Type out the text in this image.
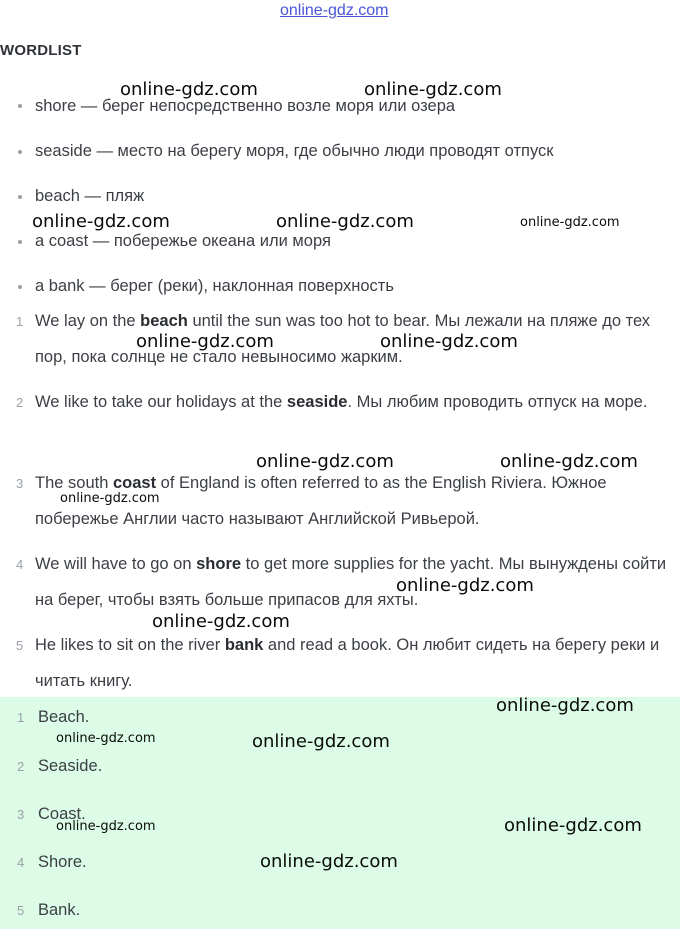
online-gdz.com
WORDLIST
shore — берег непосредственно возле моря или озера
seaside — место на берегу моря, где обычно люди проводят отпуск
beach — пляж
a coast — побережье океана или моря
a bank — берег (реки), наклонная поверхность
1 We lay on the beach until the sun was too hot to bear. Мы лежали на пляже до тех пор, пока солнце не стало невыносимо жарким.
2 We like to take our holidays at the seaside. Мы любим проводить отпуск на море.
3 The south coast of England is often referred to as the English Riviera. Южное побережье Англии часто называют Английской Ривьерой.
4 We will have to go on shore to get more supplies for the yacht. Мы вынуждены сойти на берег, чтобы взять больше припасов для яхты.
5 He likes to sit on the river bank and read a book. Он любит сидеть на берегу реки и читать книгу.
1 Beach.
2 Seaside.
3 Coast.
4 Shore.
5 Bank.
online-gdz.com	online-gdz.com
online-gdz.com	online-gdz.com	online-gdz.com
online-gdz.com	online-gdz.com
online-gdz.com	online-gdz.com
online-gdz.com
online-gdz.com
online-gdz.com
online-gdz.com
online-gdz.com	online-gdz.com
online-gdz.com	online-gdz.com
online-gdz.com
